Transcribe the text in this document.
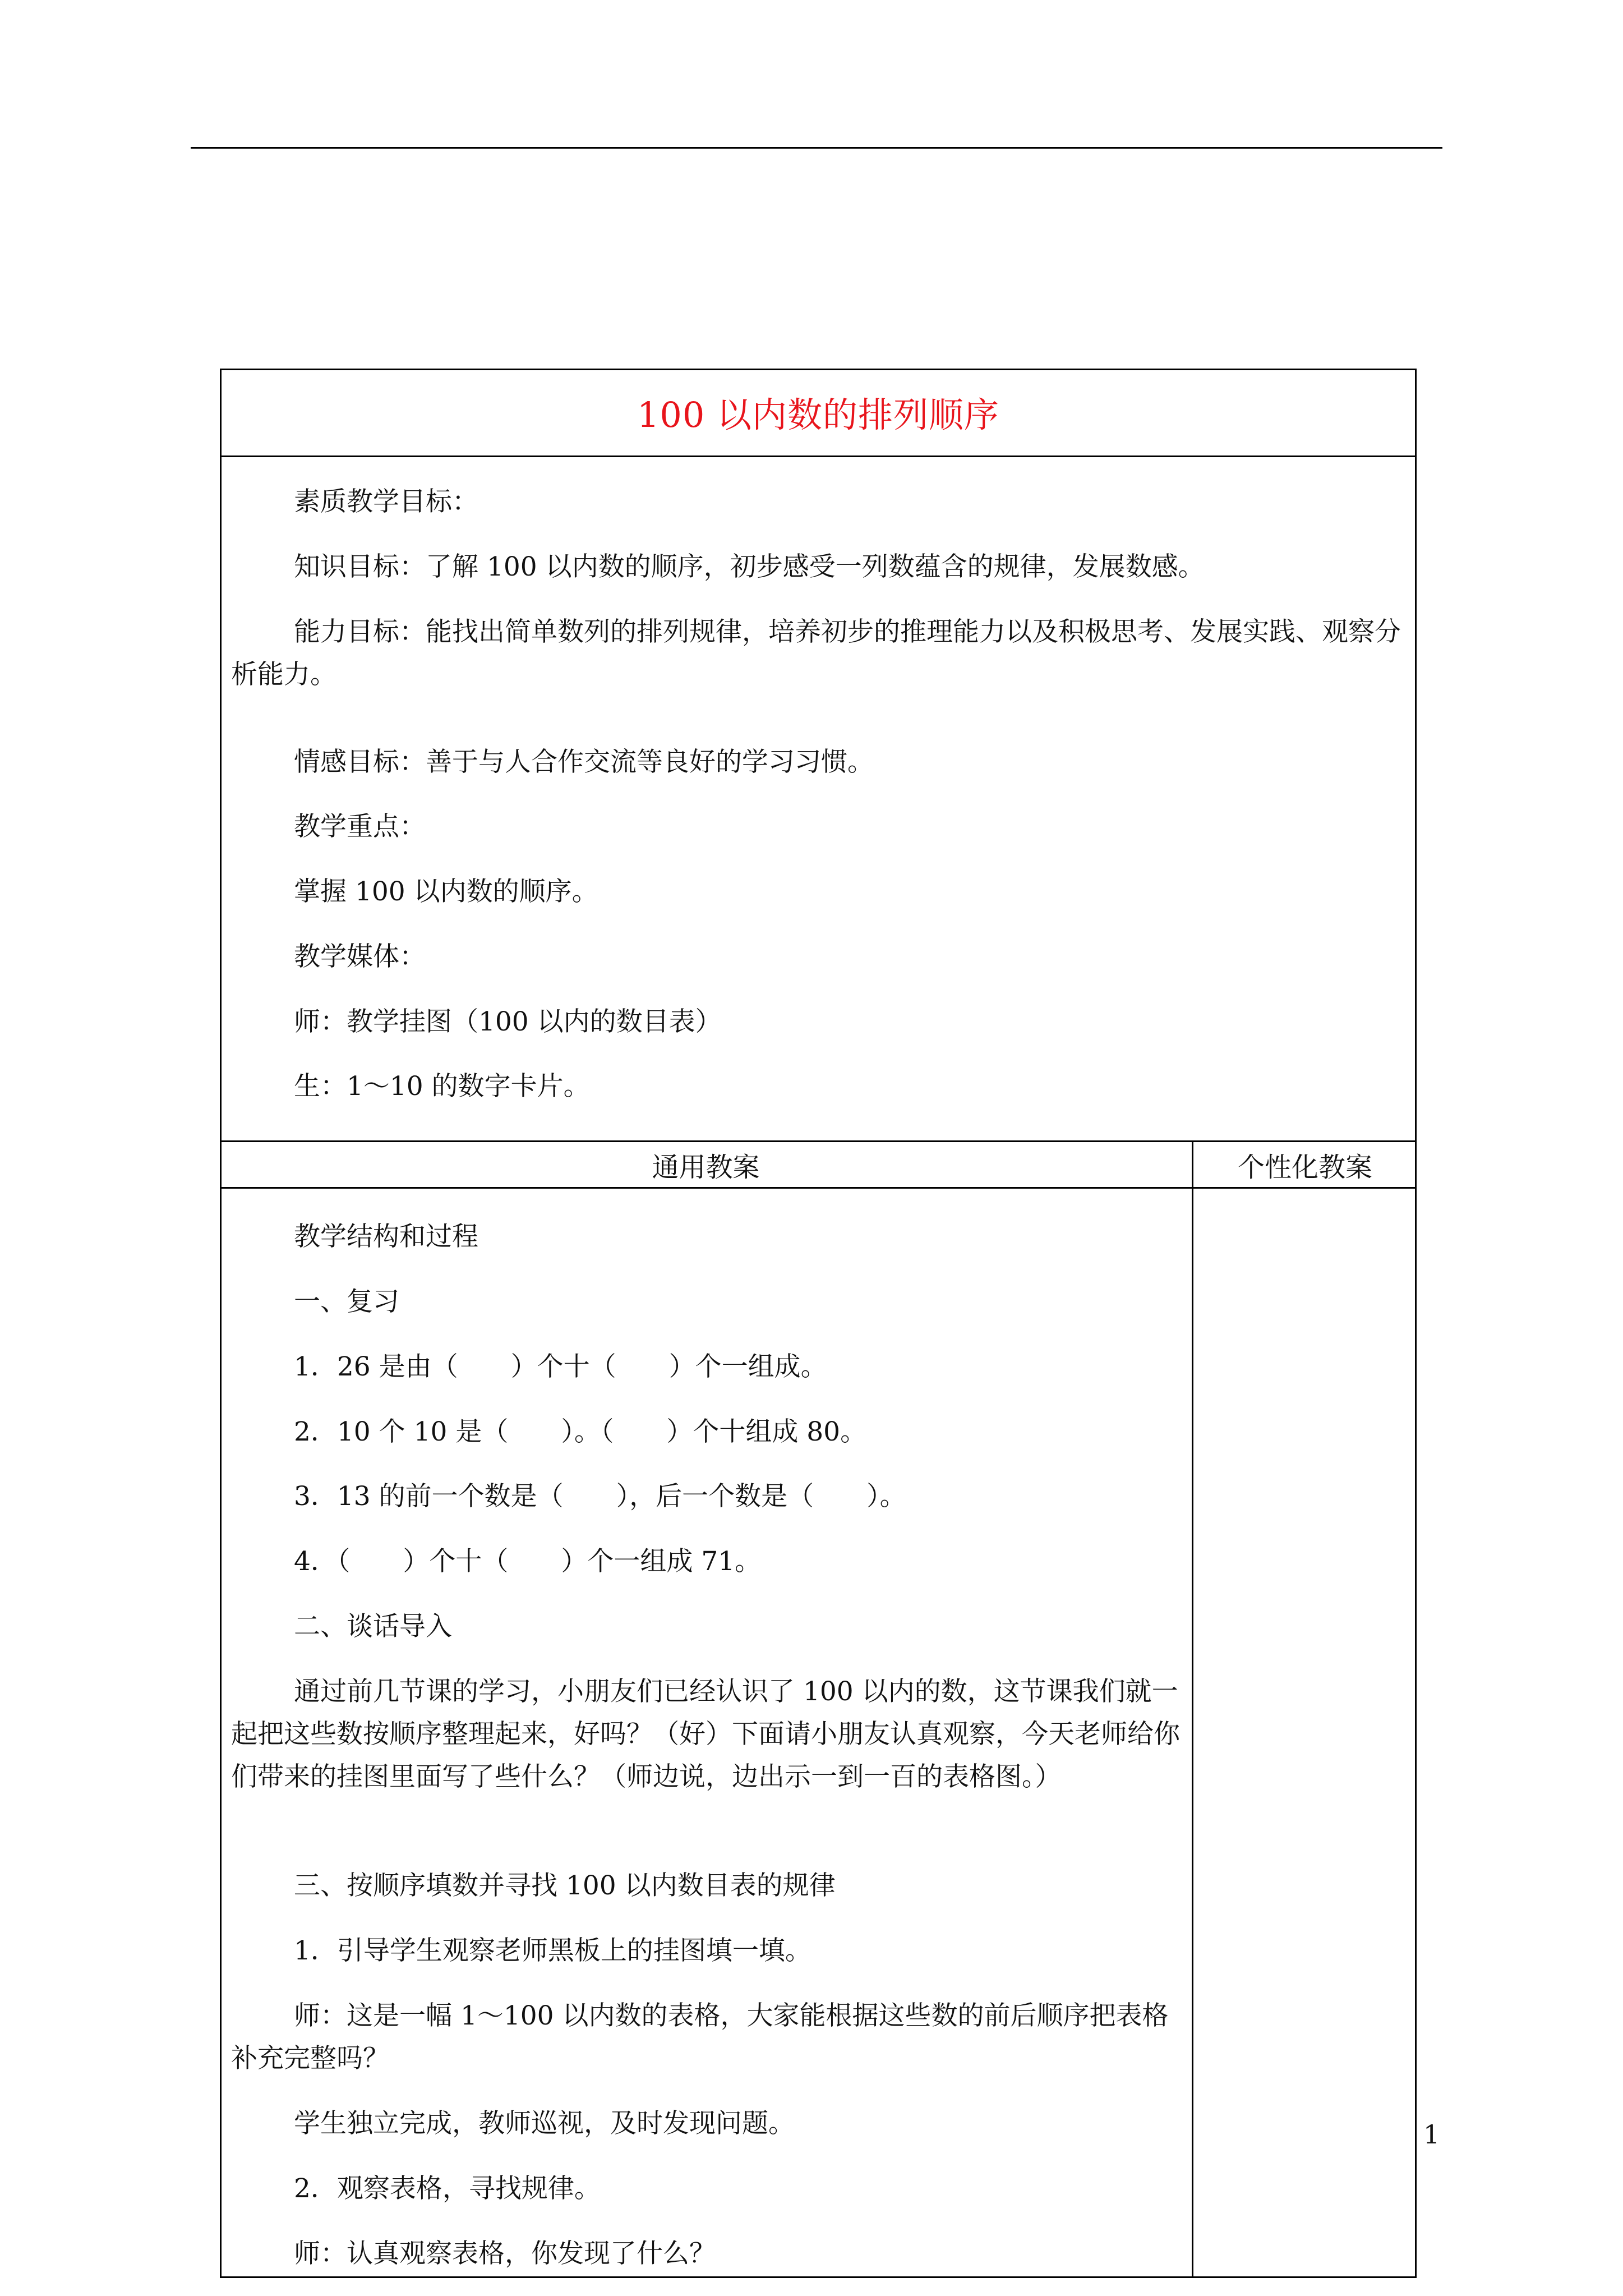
100 以内数的排列顺序
素质教学目标：
知识目标：了解 100 以内数的顺序，初步感受一列数蕴含的规律，发展数感。
能力目标：能找出简单数列的排列规律，培养初步的推理能力以及积极思考、发展实践、观察分析能力。
情感目标：善于与人合作交流等良好的学习习惯。
教学重点：
掌握 100 以内数的顺序。
教学媒体：
师：教学挂图（100 以内的数目表）
生：1～10 的数字卡片。
通用教案	个性化教案
教学结构和过程
一、复习
1．26 是由（　　）个十（　　）个一组成。
2．10 个 10 是（　　）。（　　）个十组成 80。
3．13 的前一个数是（　　），后一个数是（　　）。
4．（　　）个十（　　）个一组成 71。
二、谈话导入
通过前几节课的学习，小朋友们已经认识了 100 以内的数，这节课我们就一起把这些数按顺序整理起来，好吗？（好）下面请小朋友认真观察，今天老师给你们带来的挂图里面写了些什么？（师边说，边出示一到一百的表格图。）
三、按顺序填数并寻找 100 以内数目表的规律
1．引导学生观察老师黑板上的挂图填一填。
师：这是一幅 1～100 以内数的表格，大家能根据这些数的前后顺序把表格补充完整吗？
学生独立完成，教师巡视，及时发现问题。
2．观察表格，寻找规律。
师：认真观察表格，你发现了什么？
1
